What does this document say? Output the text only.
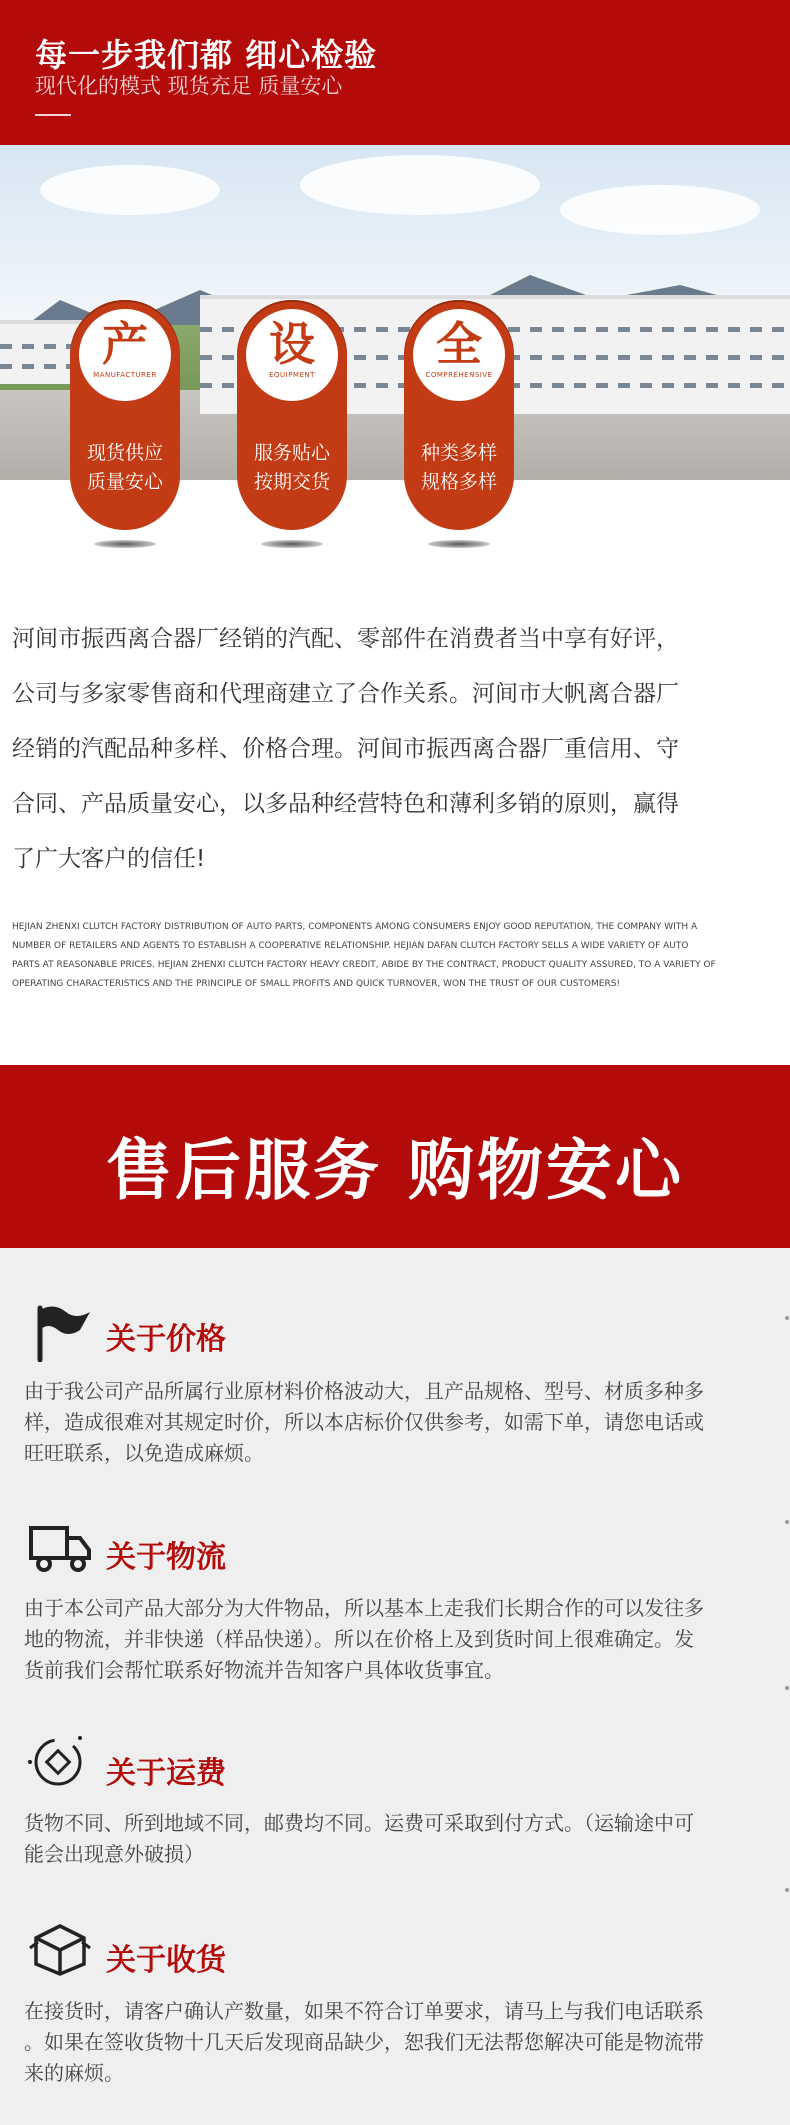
每一步我们都 细心检验
现代化的模式 现货充足 质量安心
产
MANUFACTURER
现货供应
质量安心
设
EQUIPMENT
服务贴心
按期交货
全
COMPREHENSIVE
种类多样
规格多样

河间市振西离合器厂经销的汽配、零部件在消费者当中享有好评，

公司与多家零售商和代理商建立了合作关系。河间市大帆离合器厂

经销的汽配品种多样、价格合理。河间市振西离合器厂重信用、守

合同、产品质量安心，以多品种经营特色和薄利多销的原则，赢得

了广大客户的信任!

HEJIAN ZHENXI CLUTCH FACTORY DISTRIBUTION OF AUTO PARTS, COMPONENTS AMONG CONSUMERS ENJOY GOOD REPUTATION, THE COMPANY WITH A

NUMBER OF RETAILERS AND AGENTS TO ESTABLISH A COOPERATIVE RELATIONSHIP. HEJIAN DAFAN CLUTCH FACTORY SELLS A WIDE VARIETY OF AUTO

PARTS AT REASONABLE PRICES. HEJIAN ZHENXI CLUTCH FACTORY HEAVY CREDIT, ABIDE BY THE CONTRACT, PRODUCT QUALITY ASSURED, TO A VARIETY OF

OPERATING CHARACTERISTICS AND THE PRINCIPLE OF SMALL PROFITS AND QUICK TURNOVER, WON THE TRUST OF OUR CUSTOMERS!

售后服务 购物安心
关于价格

由于我公司产品所属行业原材料价格波动大，且产品规格、型号、材质多种多

样，造成很难对其规定时价，所以本店标价仅供参考，如需下单，请您电话或

旺旺联系，以免造成麻烦。

关于物流

由于本公司产品大部分为大件物品，所以基本上走我们长期合作的可以发往多

地的物流，并非快递（样品快递）。所以在价格上及到货时间上很难确定。发

货前我们会帮忙联系好物流并告知客户具体收货事宜。

关于运费

货物不同、所到地域不同，邮费均不同。运费可采取到付方式。（运输途中可

能会出现意外破损）

关于收货

在接货时，请客户确认产数量，如果不符合订单要求，请马上与我们电话联系

。如果在签收货物十几天后发现商品缺少，恕我们无法帮您解决可能是物流带

来的麻烦。
